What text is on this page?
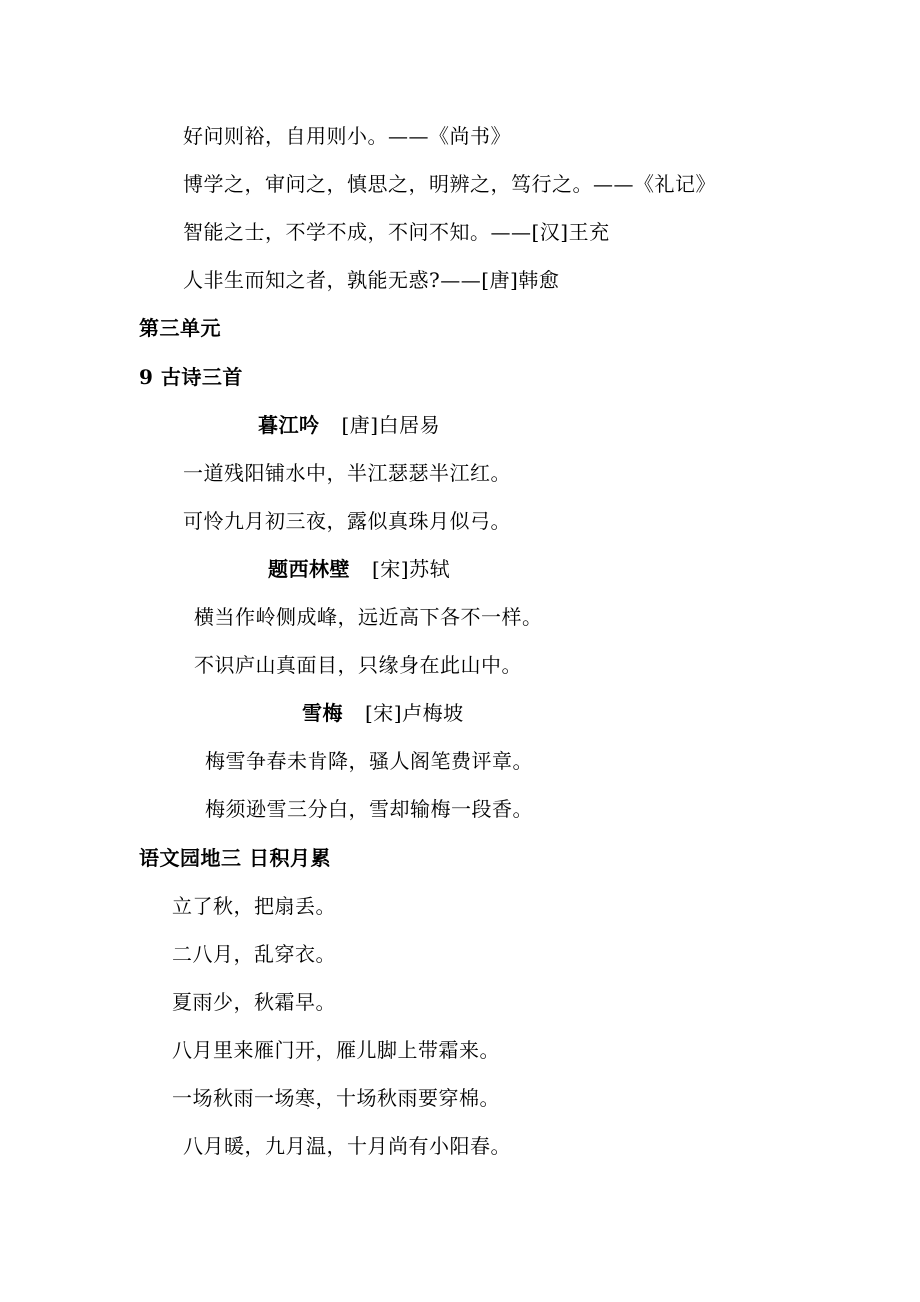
好问则裕，自用则小。——《尚书》
博学之，审问之，慎思之，明辨之，笃行之。——《礼记》
智能之士，不学不成，不问不知。——[汉]王充
人非生而知之者，孰能无惑?——[唐]韩愈
第三单元
9 古诗三首
暮江吟 [唐]白居易
一道残阳铺水中，半江瑟瑟半江红。
可怜九月初三夜，露似真珠月似弓。
题西林壁 [宋]苏轼
横当作岭侧成峰，远近高下各不一样。
不识庐山真面目，只缘身在此山中。
雪梅 [宋]卢梅坡
梅雪争春未肯降，骚人阁笔费评章。
梅须逊雪三分白，雪却输梅一段香。
语文园地三 日积月累
立了秋，把扇丢。
二八月，乱穿衣。
夏雨少，秋霜早。
八月里来雁门开，雁儿脚上带霜来。
一场秋雨一场寒，十场秋雨要穿棉。
八月暖，九月温，十月尚有小阳春。
